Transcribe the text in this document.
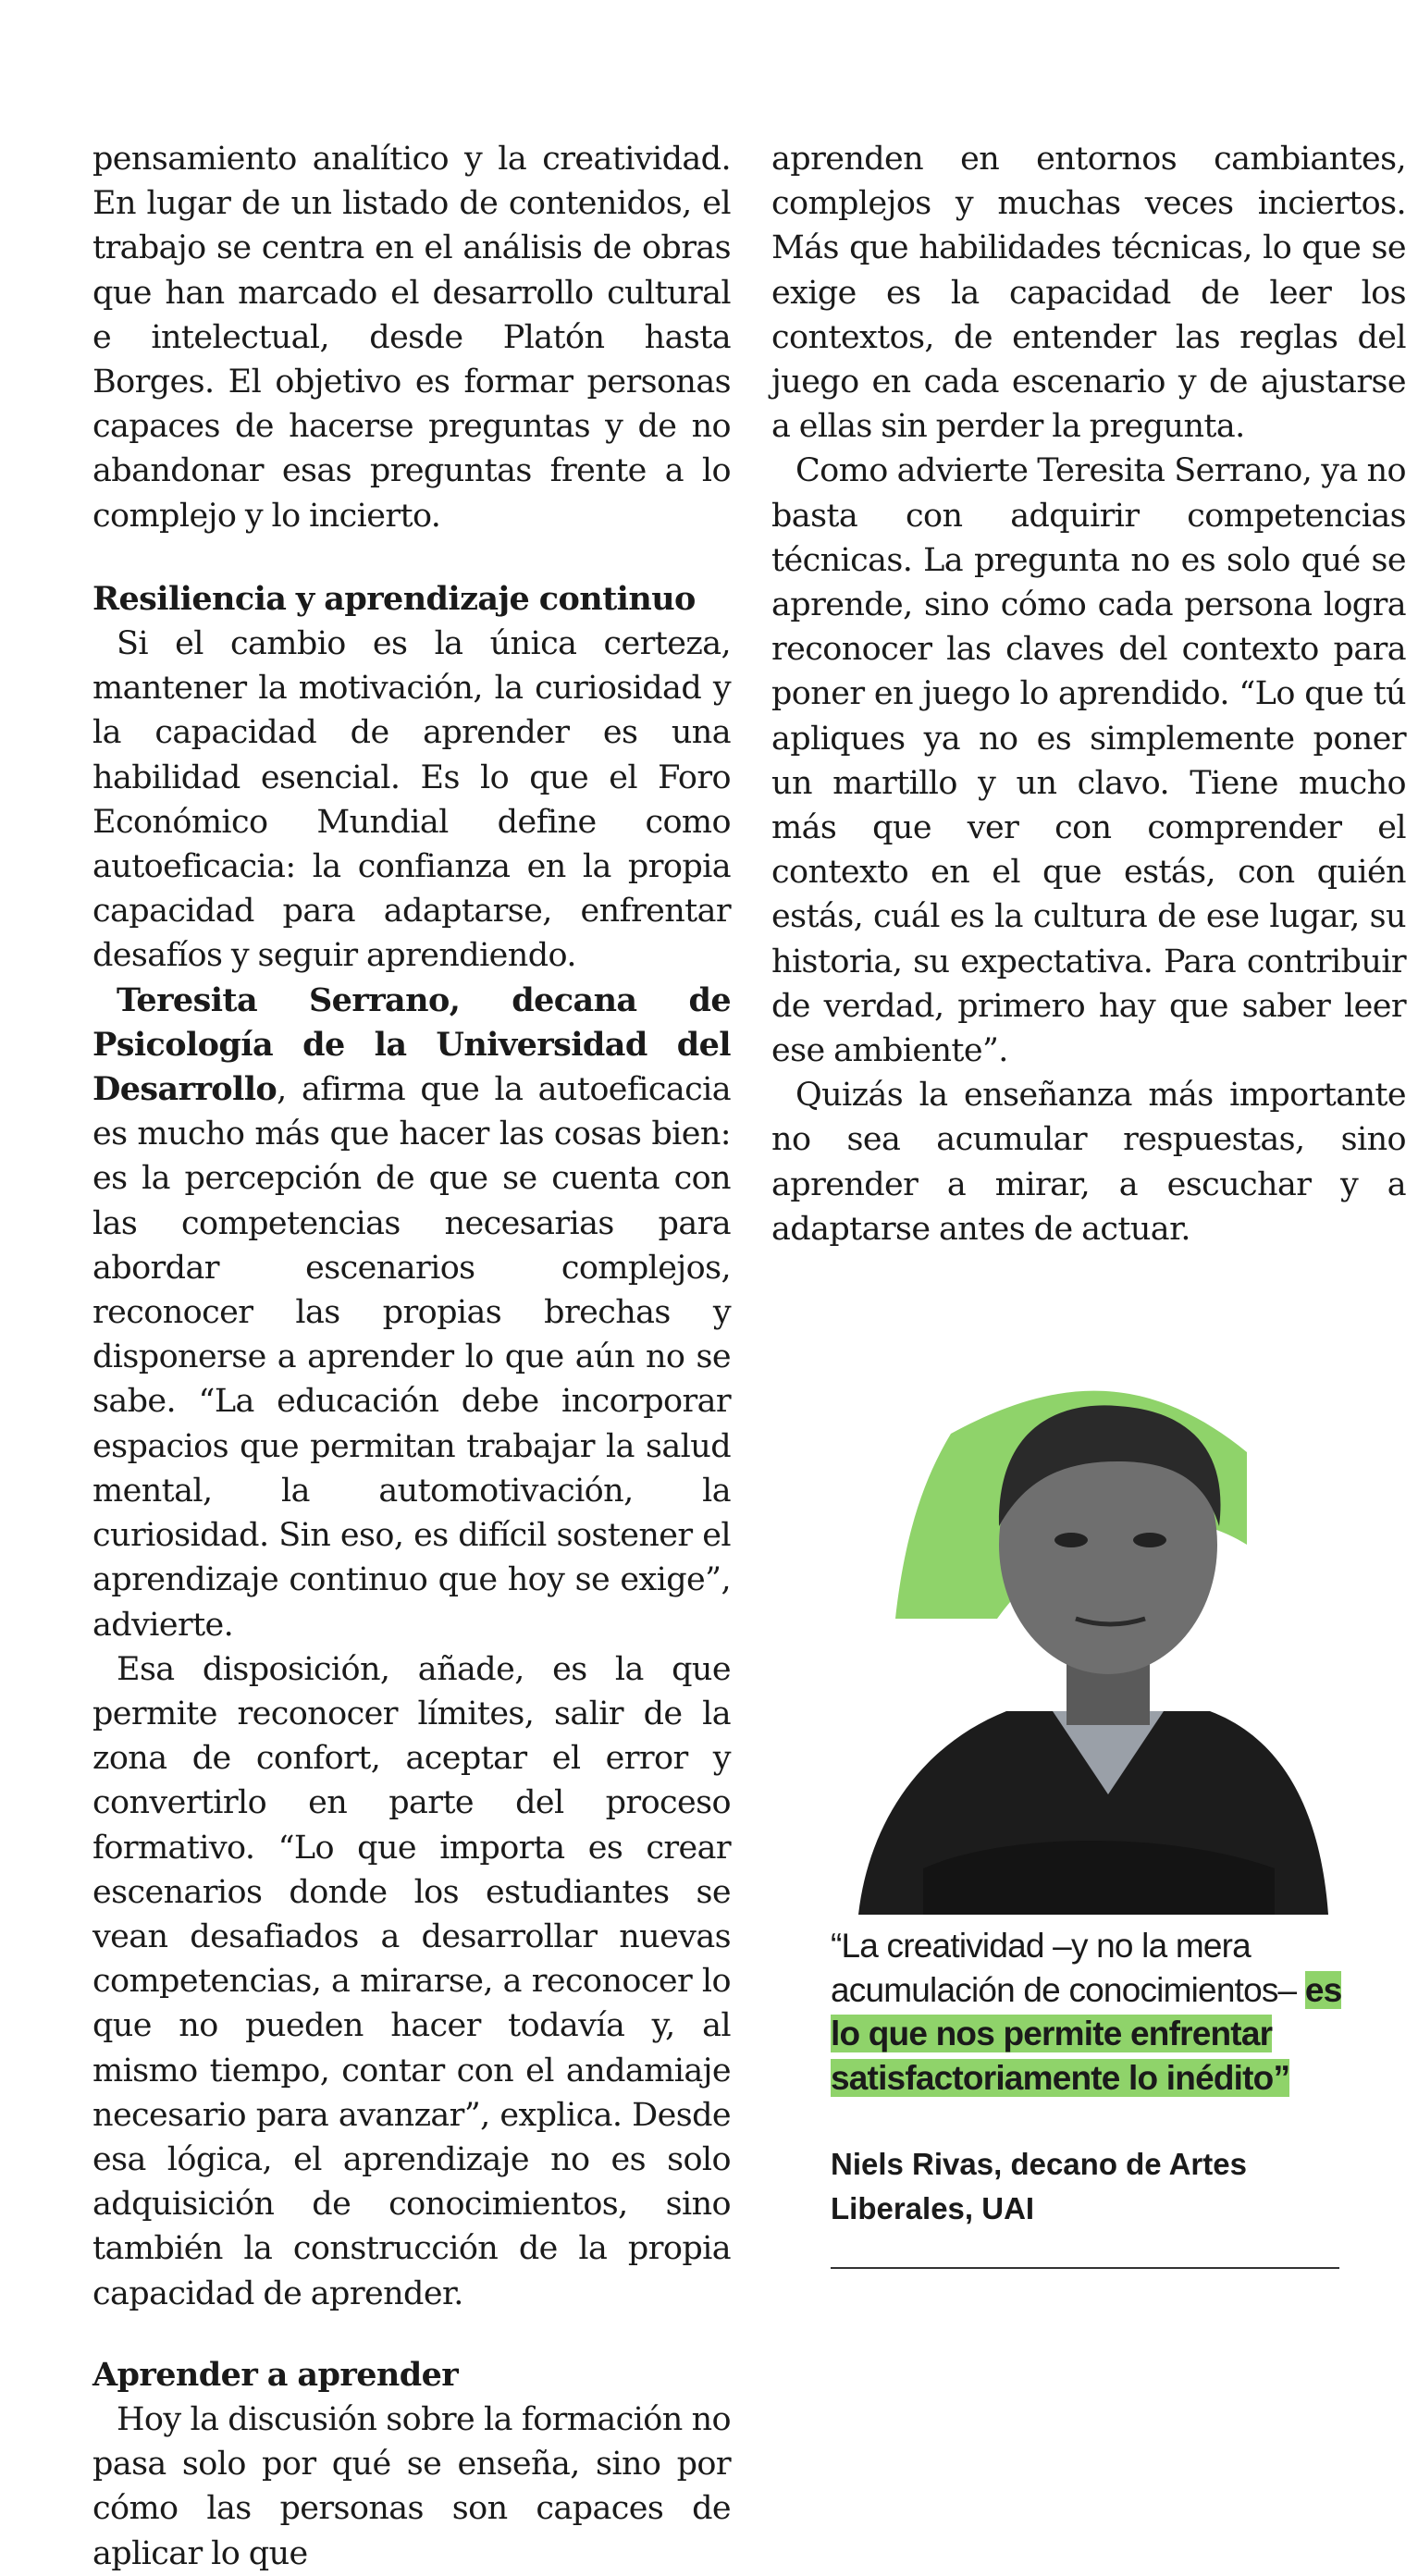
pensamiento analítico y la creatividad. En lugar de un listado de contenidos, el trabajo se centra en el análisis de obras que han marcado el desarrollo cultural e intelectual, desde Platón hasta Borges. El objetivo es formar personas capaces de hacerse preguntas y de no abandonar esas preguntas frente a lo complejo y lo incierto.

Resiliencia y aprendizaje continuo

Si el cambio es la única certeza, mantener la motivación, la curiosidad y la capacidad de aprender es una habilidad esencial. Es lo que el Foro Económico Mundial define como autoeficacia: la confianza en la propia capacidad para adaptarse, enfrentar desafíos y seguir aprendiendo.

Teresita Serrano, decana de Psicología de la Universidad del Desarrollo, afirma que la autoeficacia es mucho más que hacer las cosas bien: es la percepción de que se cuenta con las competencias necesarias para abordar escenarios complejos, reconocer las propias brechas y disponerse a aprender lo que aún no se sabe. “La educación debe incorporar espacios que permitan trabajar la salud mental, la automotivación, la curiosidad. Sin eso, es difícil sostener el aprendizaje continuo que hoy se exige”, advierte.

Esa disposición, añade, es la que permite reconocer límites, salir de la zona de confort, aceptar el error y convertirlo en parte del proceso formativo. “Lo que importa es crear escenarios donde los estudiantes se vean desafiados a desarrollar nuevas competencias, a mirarse, a reconocer lo que no pueden hacer todavía y, al mismo tiempo, contar con el andamiaje necesario para avanzar”, explica. Desde esa lógica, el aprendizaje no es solo adquisición de conocimientos, sino también la construcción de la propia capacidad de aprender.

Aprender a aprender

Hoy la discusión sobre la formación no pasa solo por qué se enseña, sino por cómo las personas son capaces de aplicar lo que

aprenden en entornos cambiantes, complejos y muchas veces inciertos. Más que habilidades técnicas, lo que se exige es la capacidad de leer los contextos, de entender las reglas del juego en cada escenario y de ajustarse a ellas sin perder la pregunta.

Como advierte Teresita Serrano, ya no basta con adquirir competencias técnicas. La pregunta no es solo qué se aprende, sino cómo cada persona logra reconocer las claves del contexto para poner en juego lo aprendido. “Lo que tú apliques ya no es simplemente poner un martillo y un clavo. Tiene mucho más que ver con comprender el contexto en el que estás, con quién estás, cuál es la cultura de ese lugar, su historia, su expectativa. Para contribuir de verdad, primero hay que saber leer ese ambiente”.

Quizás la enseñanza más importante no sea acumular respuestas, sino aprender a mirar, a escuchar y a adaptarse antes de actuar.

“La creatividad –y no la mera acumulación de conocimientos– es lo que nos permite enfrentar satisfactoriamente lo inédito”
Niels Rivas, decano de Artes Liberales, UAI
